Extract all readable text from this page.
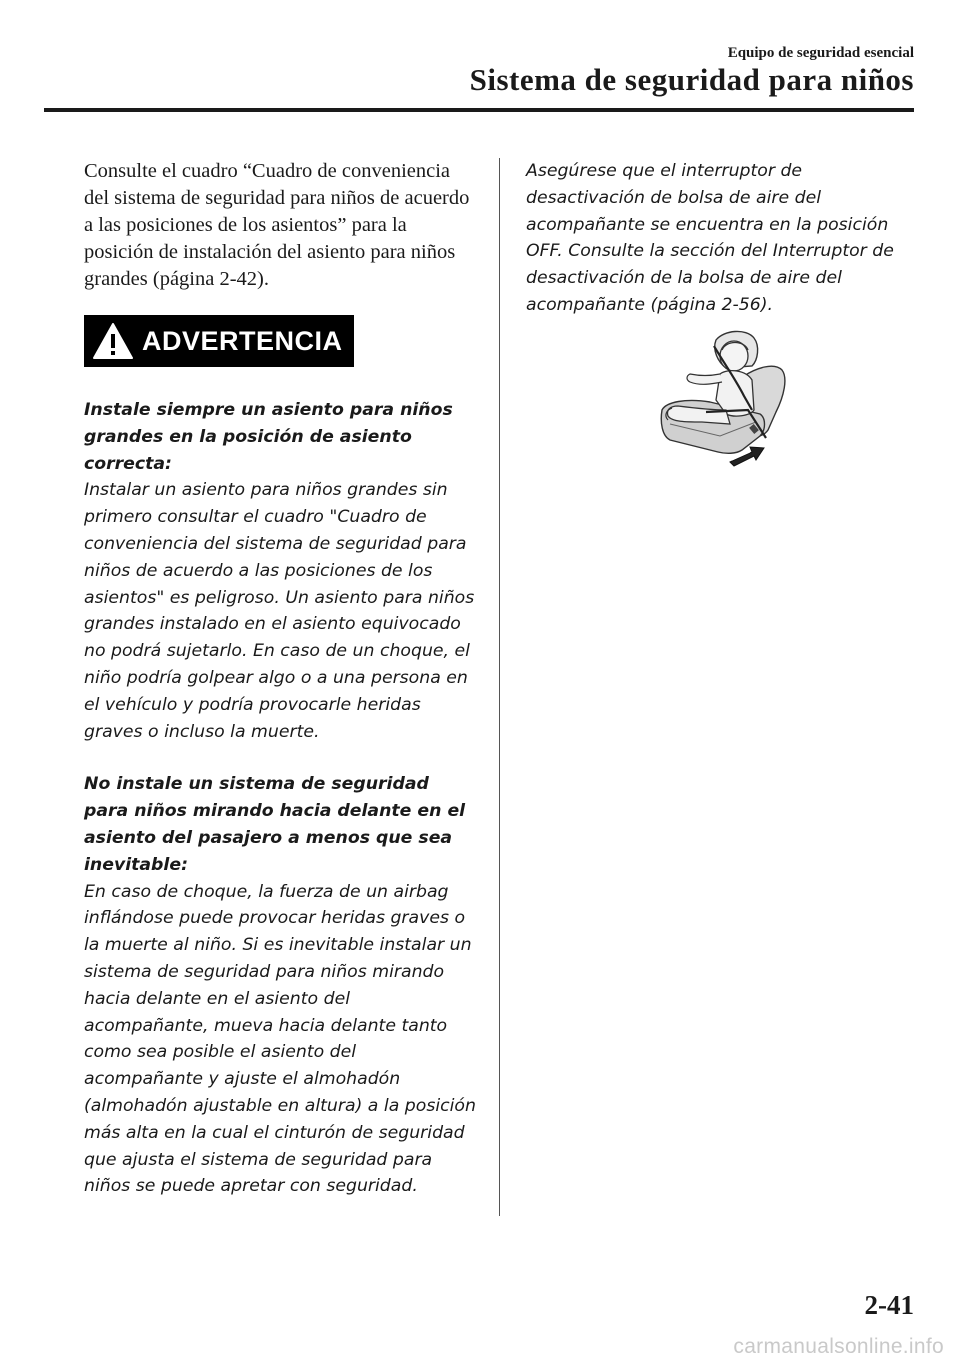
Equipo de seguridad esencial
Sistema de seguridad para niños

Consulte el cuadro “Cuadro de conveniencia del sistema de seguridad para niños de acuerdo a las posiciones de los asientos” para la posición de instalación del asiento para niños grandes (página 2-42).

ADVERTENCIA

Instale siempre un asiento para niños grandes en la posición de asiento correcta:
Instalar un asiento para niños grandes sin primero consultar el cuadro "Cuadro de conveniencia del sistema de seguridad para niños de acuerdo a las posiciones de los asientos" es peligroso. Un asiento para niños grandes instalado en el asiento equivocado no podrá sujetarlo. En caso de un choque, el niño podría golpear algo o a una persona en el vehículo y podría provocarle heridas graves o incluso la muerte.

No instale un sistema de seguridad para niños mirando hacia delante en el asiento del pasajero a menos que sea inevitable:
En caso de choque, la fuerza de un airbag inflándose puede provocar heridas graves o la muerte al niño. Si es inevitable instalar un sistema de seguridad para niños mirando hacia delante en el asiento del acompañante, mueva hacia delante tanto como sea posible el asiento del acompañante y ajuste el almohadón (almohadón ajustable en altura) a la posición más alta en la cual el cinturón de seguridad que ajusta el sistema de seguridad para niños se puede apretar con seguridad.

Asegúrese que el interruptor de desactivación de bolsa de aire del acompañante se encuentra en la posición OFF. Consulte la sección del Interruptor de desactivación de la bolsa de aire del acompañante (página 2-56).

2-41
carmanualsonline.info
